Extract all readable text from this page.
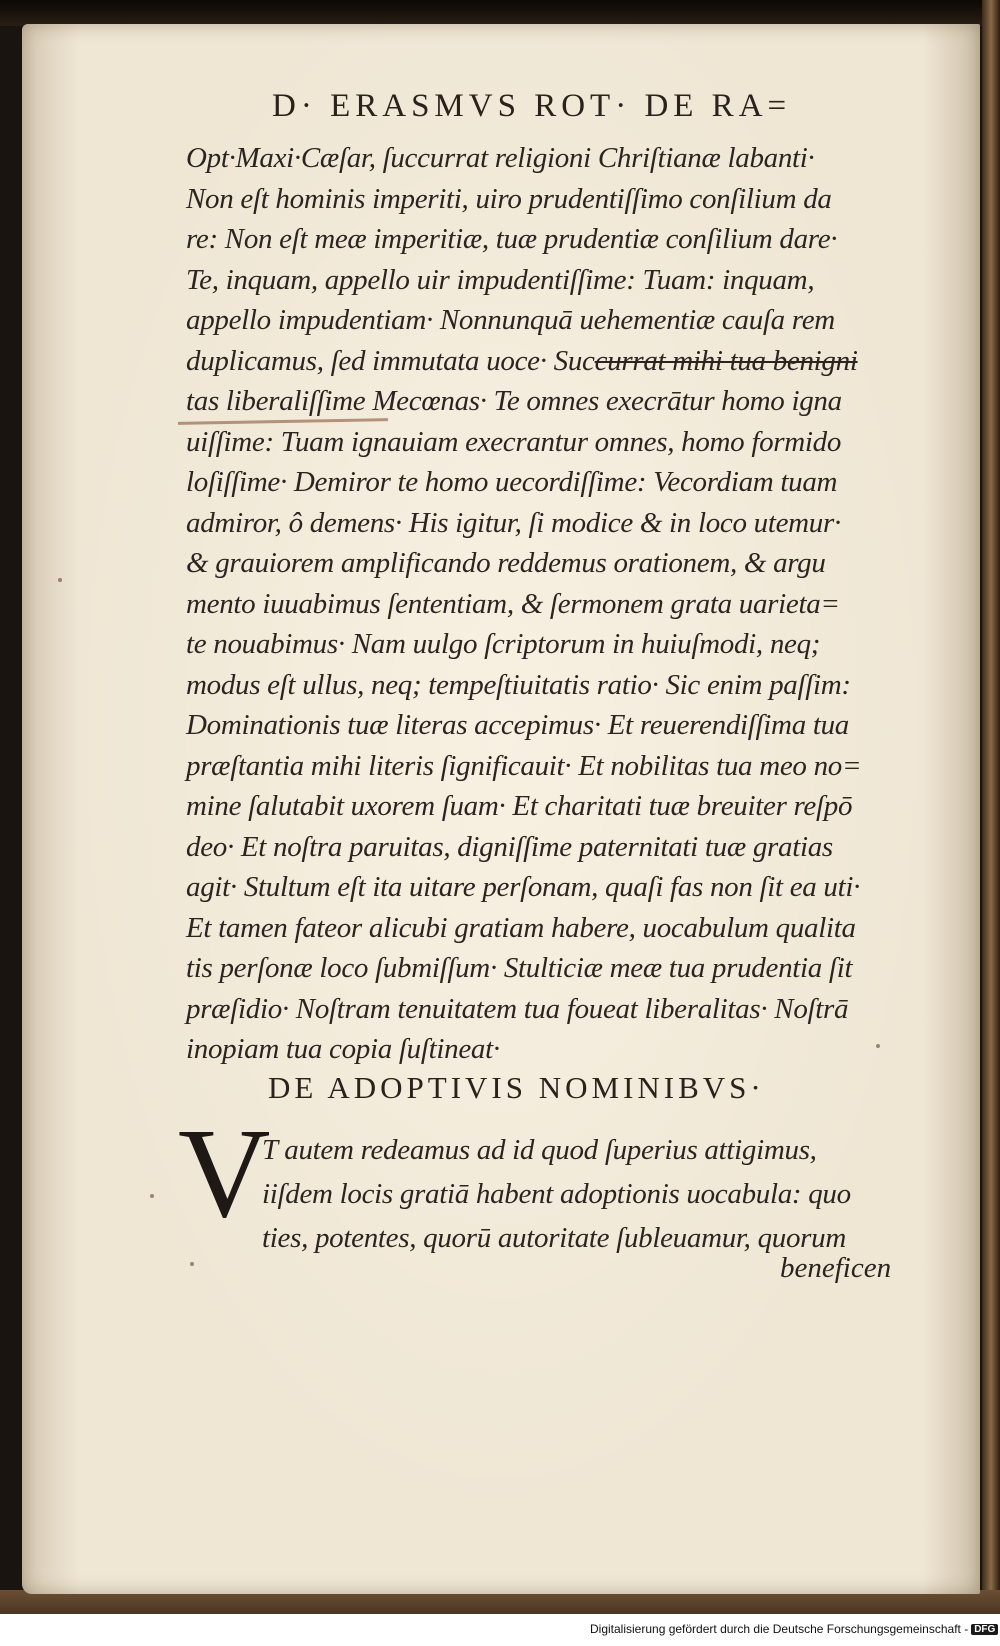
D· ERASMVS ROT· DE RA=
Opt·Maxi·Cæſar, ſuccurrat religioni Chriſtianæ labanti·
Non eſt hominis imperiti, uiro prudentiſſimo conſilium da
re: Non eſt meæ imperitiæ, tuæ prudentiæ conſilium dare·
Te, inquam, appello uir impudentiſſime: Tuam: inquam,
appello impudentiam· Nonnunquā uehementiæ cauſa rem
duplicamus, ſed immutata uoce· Succurrat mihi tua benigni
tas liberaliſſime Mecœnas· Te omnes execrātur homo igna
uiſſime: Tuam ignauiam execrantur omnes, homo formido
loſiſſime· Demiror te homo uecordiſſime: Vecordiam tuam
admiror, ô demens· His igitur, ſi modice & in loco utemur·
& grauiorem amplificando reddemus orationem, & argu
mento iuuabimus ſententiam, & ſermonem grata uarieta=
te nouabimus· Nam uulgo ſcriptorum in huiuſmodi, neq;
modus eſt ullus, neq; tempeſtiuitatis ratio· Sic enim paſſim:
Dominationis tuæ literas accepimus· Et reuerendiſſima tua
præſtantia mihi literis ſignificauit· Et nobilitas tua meo no=
mine ſalutabit uxorem ſuam· Et charitati tuæ breuiter reſpō
deo· Et noſtra paruitas, digniſſime paternitati tuæ gratias
agit· Stultum eſt ita uitare perſonam, quaſi fas non ſit ea uti·
Et tamen fateor alicubi gratiam habere, uocabulum qualita
tis perſonæ loco ſubmiſſum· Stulticiæ meæ tua prudentia ſit
præſidio· Noſtram tenuitatem tua foueat liberalitas· Noſtrā
inopiam tua copia ſuſtineat·
DE ADOPTIVIS NOMINIBVS·
V
T autem redeamus ad id quod ſuperius attigimus,
iiſdem locis gratiā habent adoptionis uocabula: quo
ties, potentes, quorū autoritate ſubleuamur, quorum
beneficen
Digitalisierung gefördert durch die Deutsche Forschungsgemeinschaft - DFG
